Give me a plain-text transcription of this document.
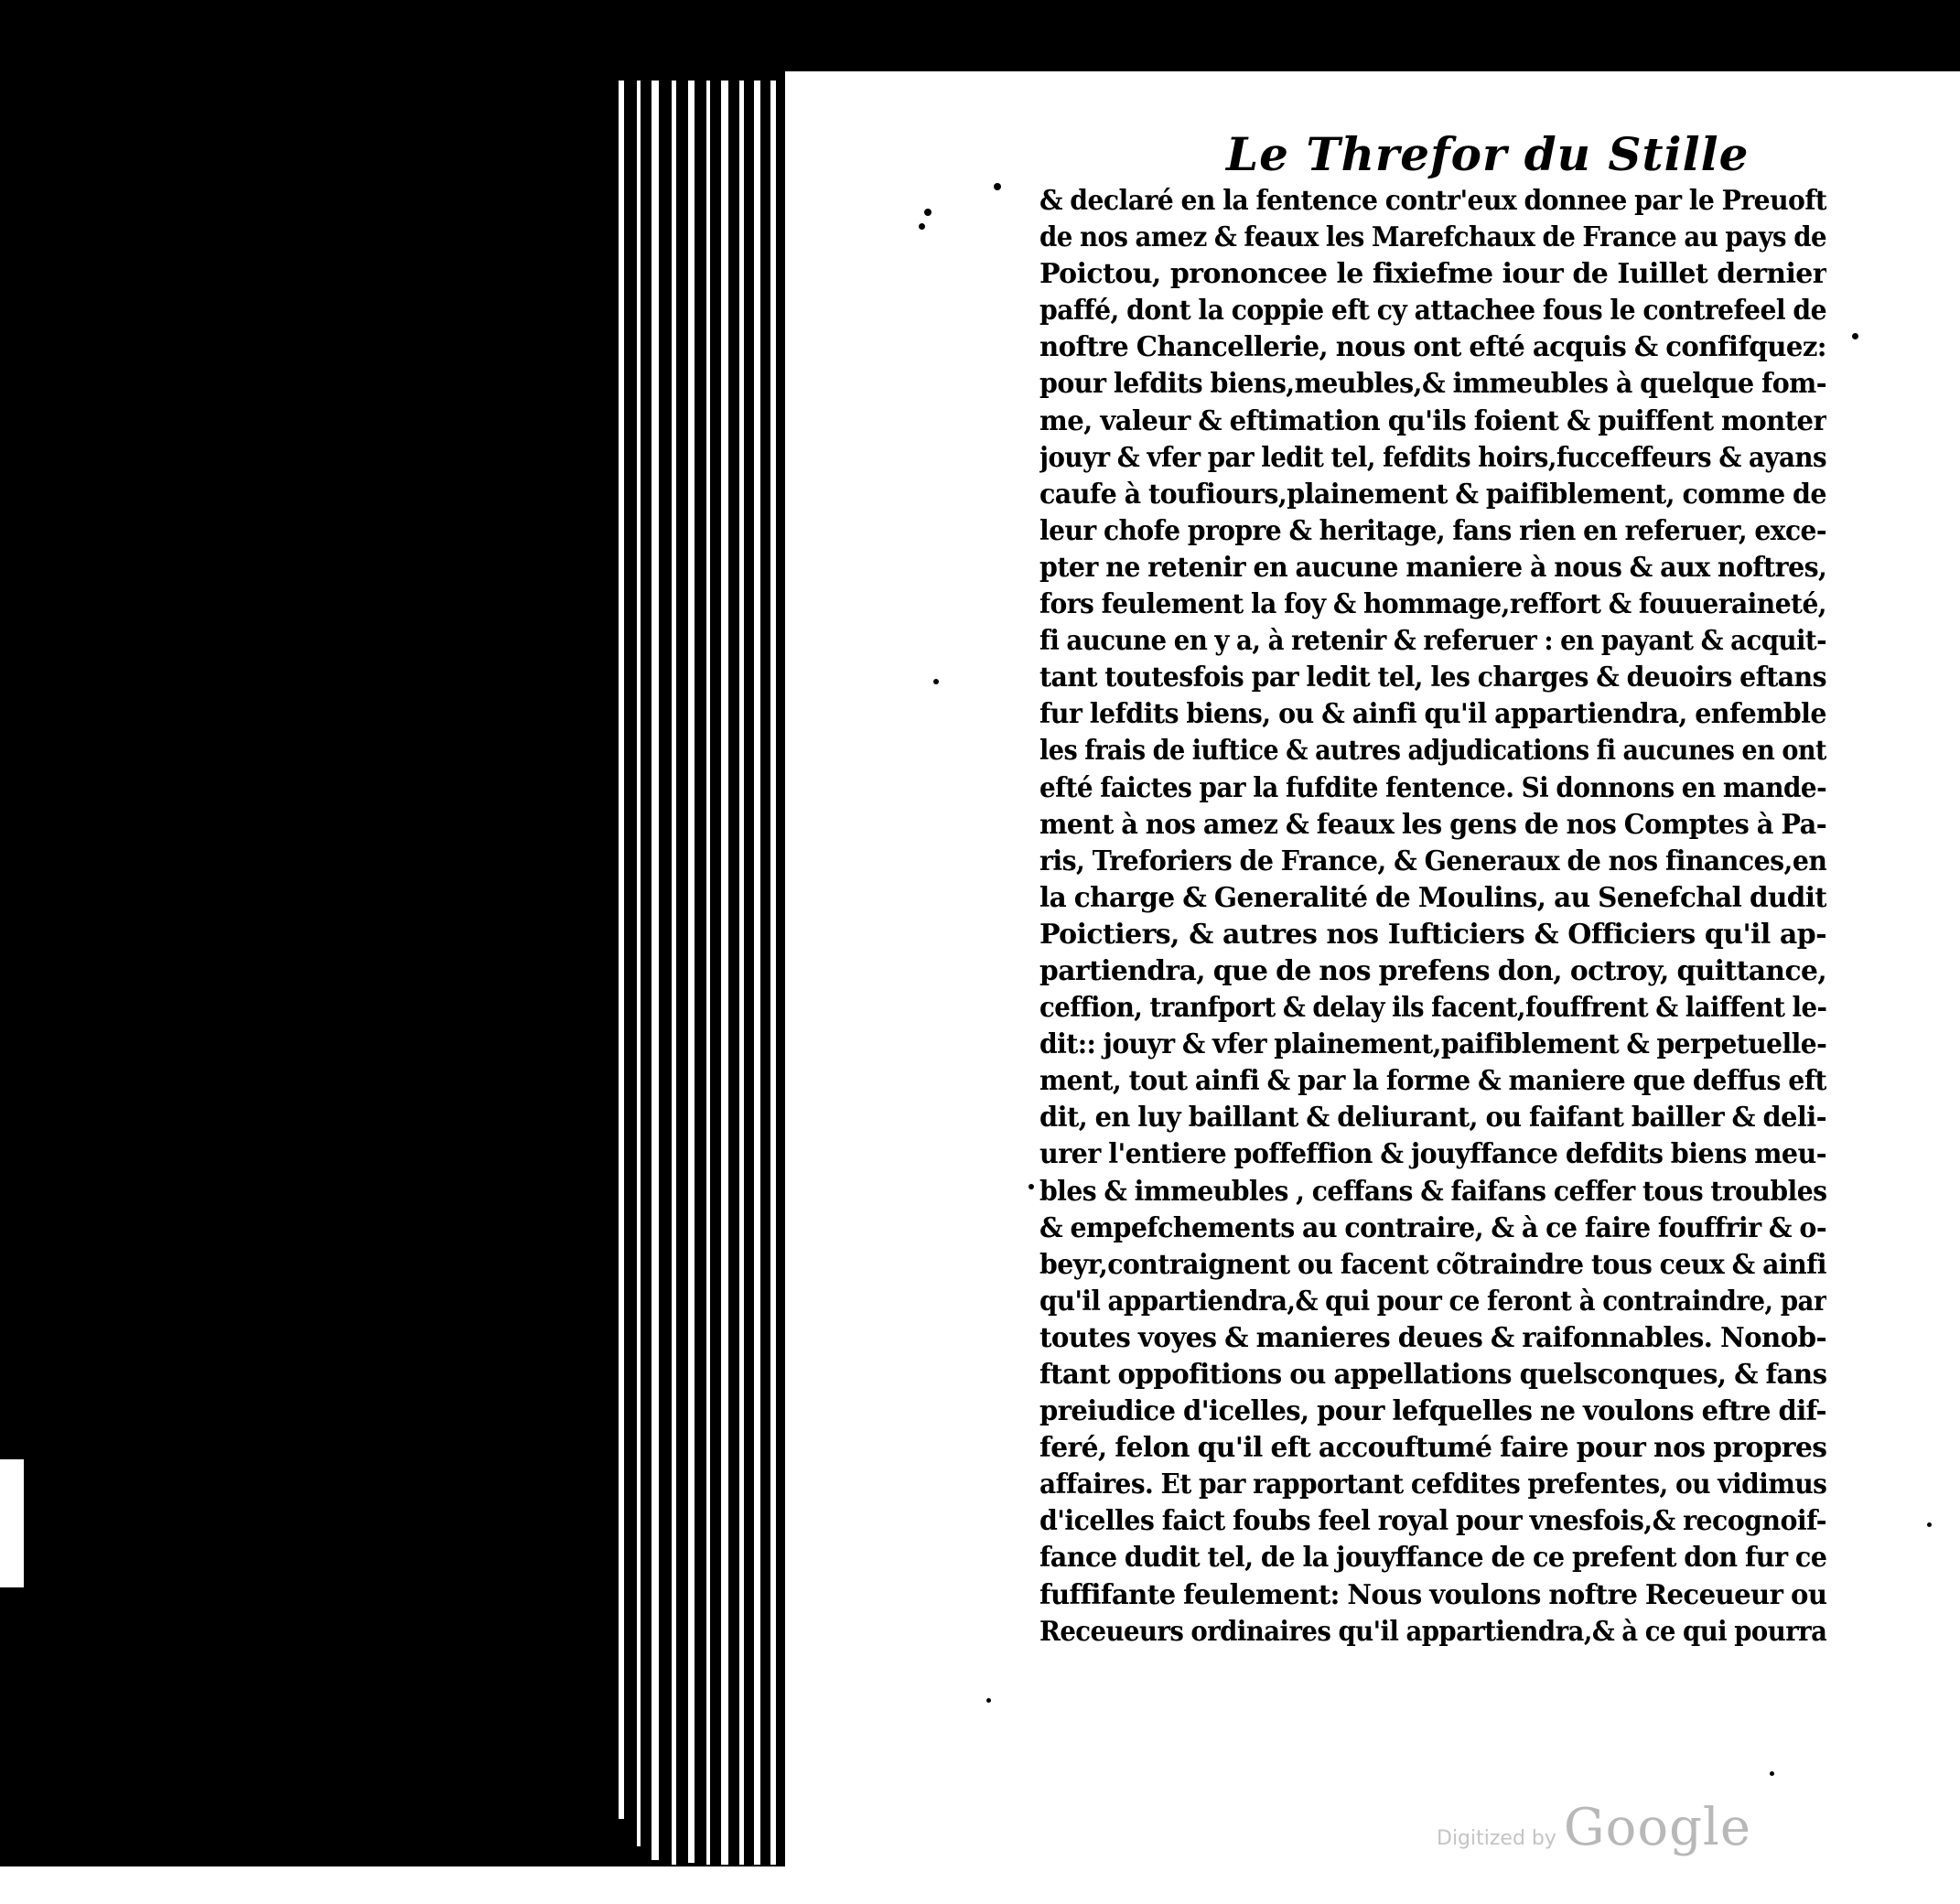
Le Threfor du Stille
& declaré en la fentence contr'eux donnee par le Preuoft
de nos amez & feaux les Marefchaux de France au pays de
Poictou, prononcee le fixiefme iour de Iuillet dernier
paffé, dont la coppie eft cy attachee fous le contrefeel de
noftre Chancellerie, nous ont efté acquis & confifquez:
pour lefdits biens,meubles,& immeubles à quelque fom-
me, valeur & eftimation qu'ils foient & puiffent monter
jouyr & vfer par ledit tel, fefdits hoirs,fucceffeurs & ayans
caufe à toufiours,plainement & paifiblement, comme de
leur chofe propre & heritage, fans rien en referuer, exce-
pter ne retenir en aucune maniere à nous & aux noftres,
fors feulement la foy & hommage,reffort & fouueraineté,
fi aucune en y a, à retenir & referuer : en payant & acquit-
tant toutesfois par ledit tel, les charges & deuoirs eftans
fur lefdits biens, ou & ainfi qu'il appartiendra, enfemble
les frais de iuftice & autres adjudications fi aucunes en ont
efté faictes par la fufdite fentence. Si donnons en mande-
ment à nos amez & feaux les gens de nos Comptes à Pa-
ris, Treforiers de France, & Generaux de nos finances,en
la charge & Generalité de Moulins, au Senefchal dudit
Poictiers, & autres nos Iufticiers & Officiers qu'il ap-
partiendra, que de nos prefens don, octroy, quittance,
ceffion, tranfport & delay ils facent,fouffrent & laiffent le-
dit:: jouyr & vfer plainement,paifiblement & perpetuelle-
ment, tout ainfi & par la forme & maniere que deffus eft
dit, en luy baillant & deliurant, ou faifant bailler & deli-
urer l'entiere poffeffion & jouyffance defdits biens meu-
bles & immeubles , ceffans & faifans ceffer tous troubles
& empefchements au contraire, & à ce faire fouffrir & o-
beyr,contraignent ou facent cõtraindre tous ceux & ainfi
qu'il appartiendra,& qui pour ce feront à contraindre, par
toutes voyes & manieres deues & raifonnables. Nonob-
ftant oppofitions ou appellations quelsconques, & fans
preiudice d'icelles, pour lefquelles ne voulons eftre dif-
feré, felon qu'il eft accouftumé faire pour nos propres
affaires. Et par rapportant cefdites prefentes, ou vidimus
d'icelles faict foubs feel royal pour vnesfois,& recognoif-
fance dudit tel, de la jouyffance de ce prefent don fur ce
fuffifante feulement: Nous voulons noftre Receueur ou
Receueurs ordinaires qu'il appartiendra,& à ce qui pourra
Digitized by Google
